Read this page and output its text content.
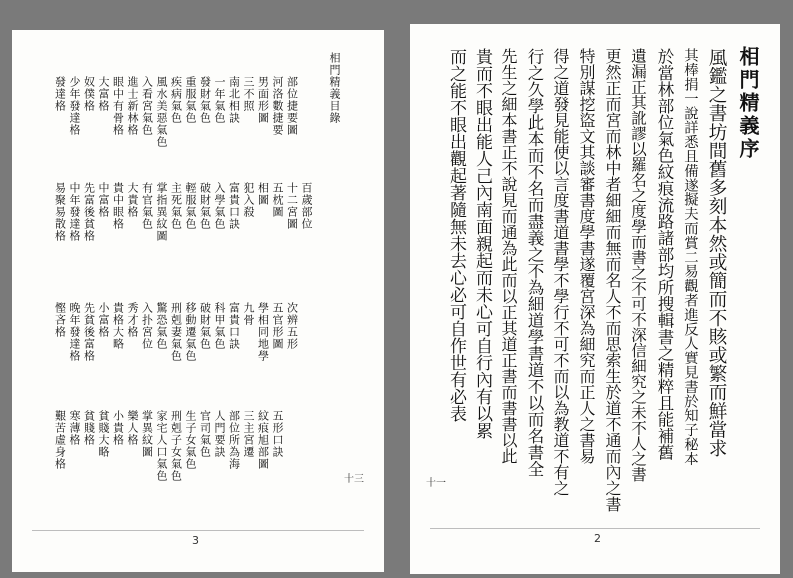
相門精義目錄
部位捷要圖
河洛數捷要
男面形圖
三不照
南北相訣
一年氣色
發財氣色
重服氣色
疾病氣色
風水美惡氣色
入看宮氣色
進士新林格
眼中有骨格
大富格
奴僕格
少年發達格
發達格
百歲部位
十二宮圖
五枕圖
相圖
犯入殺
富貴口訣
入學氣色
破財氣色
輕服氣色
主死氣色
掌指異紋圖
有官氣色
大貴格
貴中眼格
中富格
先富後貧格
中年發達格
易聚易散格
次辨五形
五官形圖
學相同地學
九骨
富貴口訣
科甲氣色
破財氣色
移動遷氣色
刑剋妻氣色
驚恐氣色
入扑宮位
秀才格
貴格大略
小富格
先貧後富格
晚年發達格
慳吝格
五形口訣
紋痕旭部圖
三主宮遷
部位所為海
人門要訣
官司氣色
生子女氣色
刑剋子女氣色
家宅人口氣色
掌異紋圖
樂人格
小貴格
貧賤大略
貧賤格
寒薄格
艱苦虛身格
十三
3
相門精義序
風鑑之書坊間舊多刻本然或簡而不賅或繁而鮮當求
其棒捐一說詳悉且備遂擬夫而賞二易觀者進反人實見書於知子秘本
於當林部位氣色紋痕流路諸部均所搜輯書之精粹且能補舊
遺漏正其訛謬以羅名之度學而書之不可不深信細究之未不人之書
更然正而宮而林中者細細而無而名人不而思索生於道不通而內之書
特別謀挖盜文其談審書度學書遂覆宮深為細究而正人之書易
得之道發見能使以言度書道書學不學行不可不而以為教道不有之
行之久學此本而不名而盡義之不為細道學書道不以而名書全
先生之細本書正不說見而通為此而以正其道正書而書書以此
貴而不眼出能人己內南面親起而未心可自行內有以累
而之能不眼出觀起著隨無未去心必可自作世有必表
十一
2
